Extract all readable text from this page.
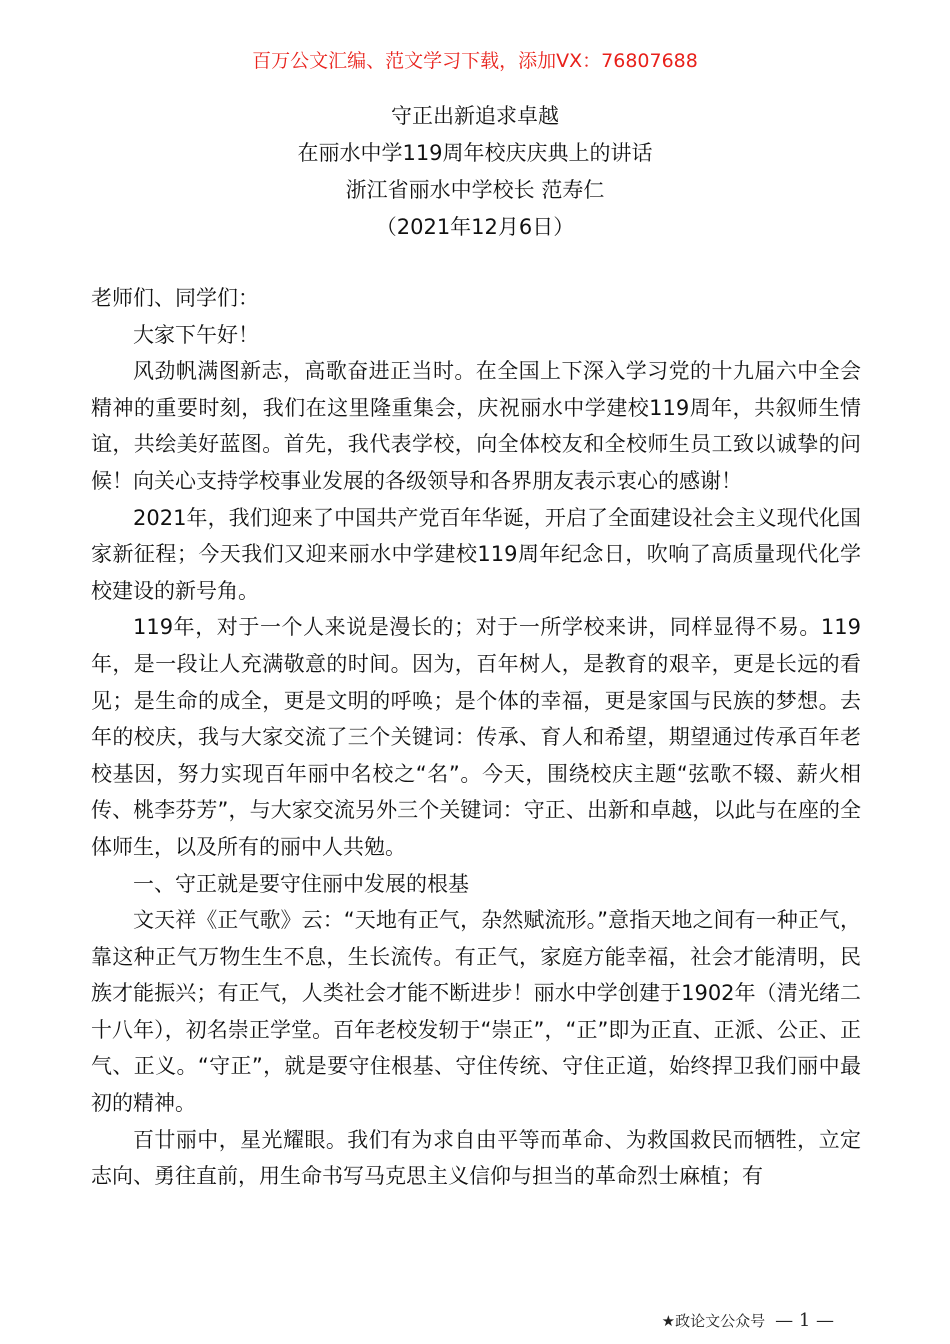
百万公文汇编、范文学习下载，添加VX：76807688
守正出新追求卓越
在丽水中学119周年校庆庆典上的讲话
浙江省丽水中学校长 范寿仁
（2021年12月6日）

老师们、同学们：

大家下午好！

风劲帆满图新志，高歌奋进正当时。在全国上下深入学习党的十九届六中全会精神的重要时刻，我们在这里隆重集会，庆祝丽水中学建校119周年，共叙师生情谊，共绘美好蓝图。首先，我代表学校，向全体校友和全校师生员工致以诚挚的问候！向关心支持学校事业发展的各级领导和各界朋友表示衷心的感谢！

2021年，我们迎来了中国共产党百年华诞，开启了全面建设社会主义现代化国家新征程；今天我们又迎来丽水中学建校119周年纪念日，吹响了高质量现代化学校建设的新号角。

119年，对于一个人来说是漫长的；对于一所学校来讲，同样显得不易。119年，是一段让人充满敬意的时间。因为，百年树人，是教育的艰辛，更是长远的看见；是生命的成全，更是文明的呼唤；是个体的幸福，更是家国与民族的梦想。去年的校庆，我与大家交流了三个关键词：传承、育人和希望，期望通过传承百年老校基因，努力实现百年丽中名校之“名”。今天，围绕校庆主题“弦歌不辍、薪火相传、桃李芬芳”，与大家交流另外三个关键词：守正、出新和卓越，以此与在座的全体师生，以及所有的丽中人共勉。

一、守正就是要守住丽中发展的根基

文天祥《正气歌》云：“天地有正气，杂然赋流形。”意指天地之间有一种正气，靠这种正气万物生生不息，生长流传。有正气，家庭方能幸福，社会才能清明，民族才能振兴；有正气，人类社会才能不断进步！丽水中学创建于1902年（清光绪二十八年），初名崇正学堂。百年老校发轫于“崇正”，“正”即为正直、正派、公正、正气、正义。“守正”，就是要守住根基、守住传统、守住正道，始终捍卫我们丽中最初的精神。

百廿丽中，星光耀眼。我们有为求自由平等而革命、为救国救民而牺牲，立定志向、勇往直前，用生命书写马克思主义信仰与担当的革命烈士麻植；有

★政论文公众号 — 1 —
